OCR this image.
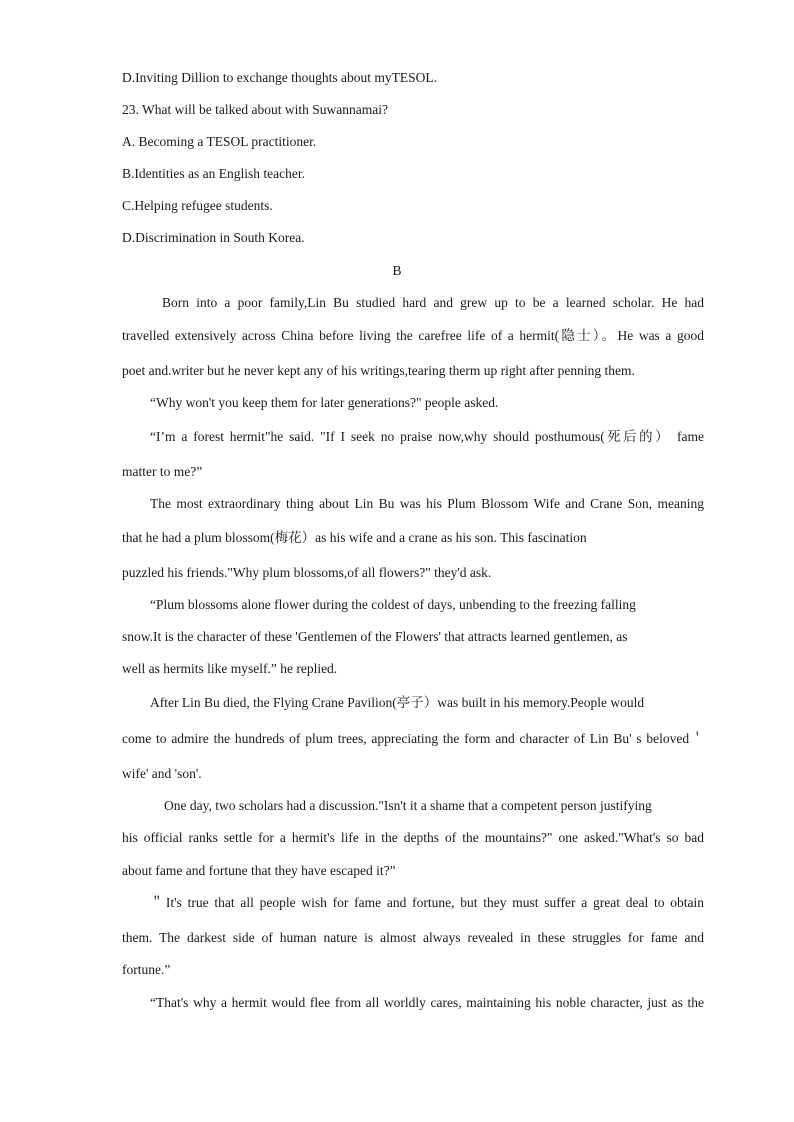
D.Inviting Dillion to exchange thoughts about myTESOL.
23. What will be talked about with Suwannamai?
A. Becoming a TESOL practitioner.
B.Identities as an English teacher.
C.Helping refugee students.
D.Discrimination in South Korea.
B
Born into a poor family,Lin Bu studied hard and grew up to be a learned scholar. He had
travelled extensively across China before living the carefree life of a hermit(隐士）。He was a good
poet and.writer but he never kept any of his writings,tearing therm up right after penning them.
“Why won't you keep them for later generations?" people asked.
“I’m a forest hermit"he said. "If I seek no praise now,why should posthumous(死后的） fame
matter to me?”
The most extraordinary thing about Lin Bu was his Plum Blossom Wife and Crane Son, meaning
that he had a plum blossom(梅花）as his wife and a crane as his son. This fascination
puzzled his friends."Why plum blossoms,of all flowers?" they'd ask.
“Plum blossoms alone flower during the coldest of days, unbending to the freezing falling
snow.It is the character of these 'Gentlemen of the Flowers' that attracts learned gentlemen, as
well as hermits like myself.” he replied.
After Lin Bu died, the Flying Crane Pavilion(亭子）was built in his memory.People would
come to admire the hundreds of plum trees, appreciating the form and character of Lin Bu' s beloved＇
wife' and 'son'.
One day, two scholars had a discussion."Isn't it a shame that a competent person justifying
his official ranks settle for a hermit's life in the depths of the mountains?" one asked."What's so bad
about fame and fortune that they have escaped it?”
＂It's true that all people wish for fame and fortune, but they must suffer a great deal to obtain
them. The darkest side of human nature is almost always revealed in these struggles for fame and
fortune.”
“That's why a hermit would flee from all worldly cares, maintaining his noble character, just as the
